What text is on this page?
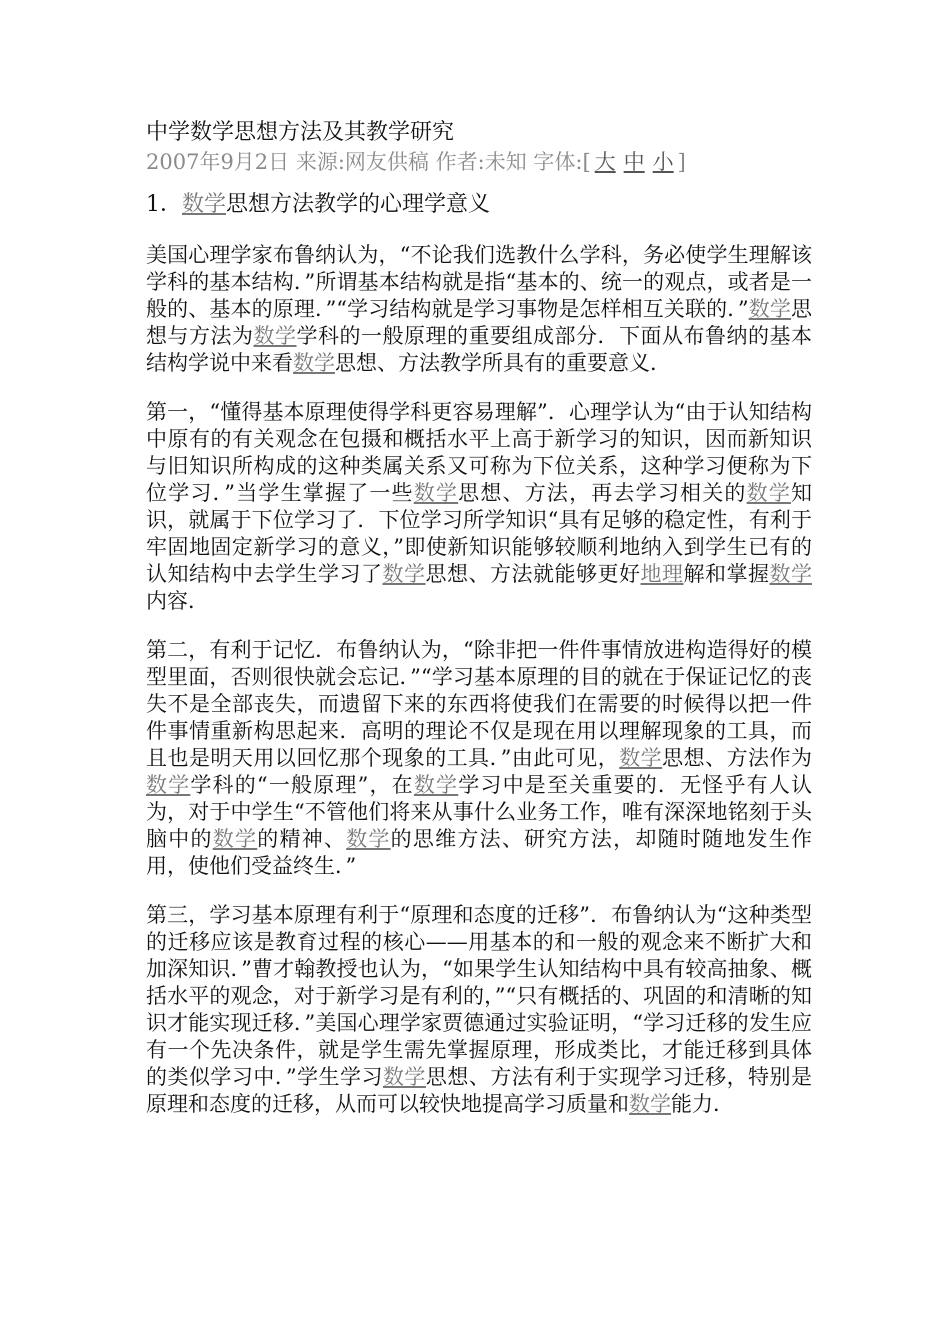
中学数学思想方法及其教学研究
2007年9月2日 来源:网友供稿 作者:未知 字体:[ 大 中 小 ]
1．数学思想方法教学的心理学意义
美国心理学家布鲁纳认为，“不论我们选教什么学科，务必使学生理解该学科的基本结构．”所谓基本结构就是指“基本的、统一的观点，或者是一般的、基本的原理．”“学习结构就是学习事物是怎样相互关联的．”数学思想与方法为数学学科的一般原理的重要组成部分．下面从布鲁纳的基本结构学说中来看数学思想、方法教学所具有的重要意义．
第一，“懂得基本原理使得学科更容易理解”．心理学认为“由于认知结构中原有的有关观念在包摄和概括水平上高于新学习的知识，因而新知识与旧知识所构成的这种类属关系又可称为下位关系，这种学习便称为下位学习．”当学生掌握了一些数学思想、方法，再去学习相关的数学知识，就属于下位学习了．下位学习所学知识“具有足够的稳定性，有利于牢固地固定新学习的意义，”即使新知识能够较顺利地纳入到学生已有的认知结构中去学生学习了数学思想、方法就能够更好地理解和掌握数学内容．
第二，有利于记忆．布鲁纳认为，“除非把一件件事情放进构造得好的模型里面，否则很快就会忘记．”“学习基本原理的目的就在于保证记忆的丧失不是全部丧失，而遗留下来的东西将使我们在需要的时候得以把一件件事情重新构思起来．高明的理论不仅是现在用以理解现象的工具，而且也是明天用以回忆那个现象的工具．”由此可见，数学思想、方法作为数学学科的“一般原理”，在数学学习中是至关重要的．无怪乎有人认为，对于中学生“不管他们将来从事什么业务工作，唯有深深地铭刻于头脑中的数学的精神、数学的思维方法、研究方法，却随时随地发生作用，使他们受益终生．”
第三，学习基本原理有利于“原理和态度的迁移”．布鲁纳认为“这种类型的迁移应该是教育过程的核心——用基本的和一般的观念来不断扩大和加深知识．”曹才翰教授也认为，“如果学生认知结构中具有较高抽象、概括水平的观念，对于新学习是有利的，”“只有概括的、巩固的和清晰的知识才能实现迁移．”美国心理学家贾德通过实验证明，“学习迁移的发生应有一个先决条件，就是学生需先掌握原理，形成类比，才能迁移到具体的类似学习中．”学生学习数学思想、方法有利于实现学习迁移，特别是原理和态度的迁移，从而可以较快地提高学习质量和数学能力．
